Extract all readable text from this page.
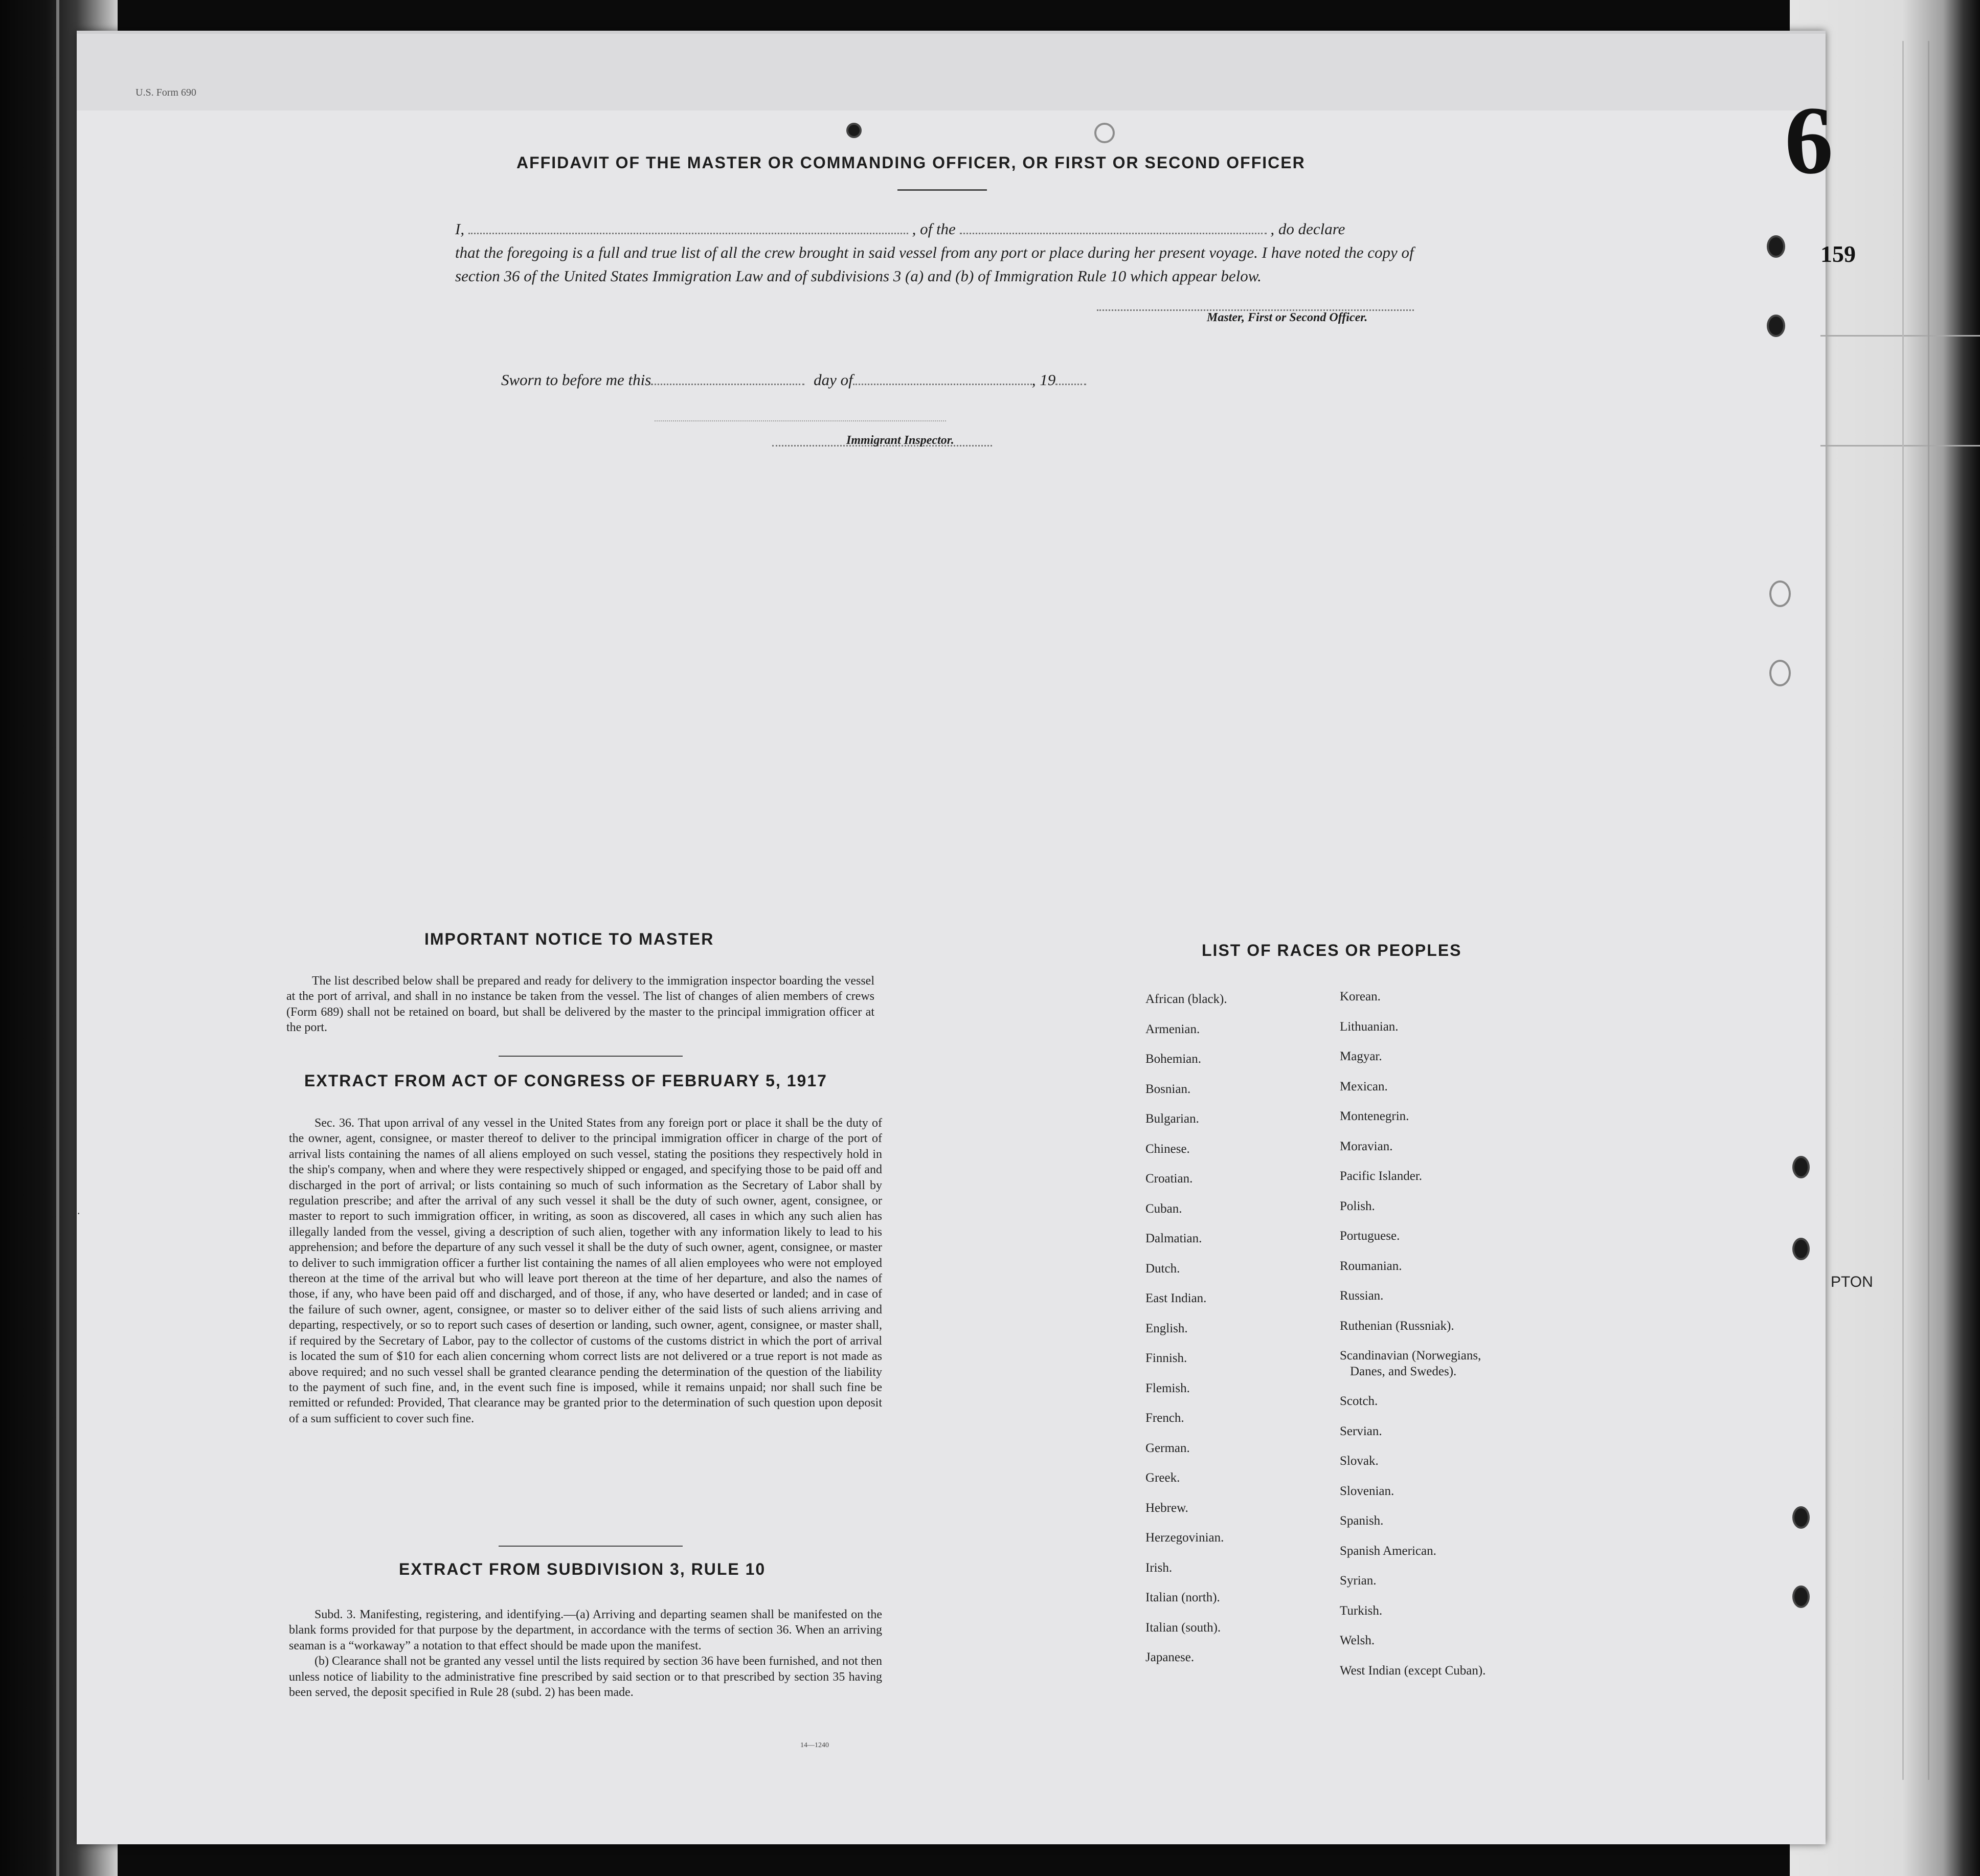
U.S. Form 690	6
159
PTON
AFFIDAVIT OF THE MASTER OR COMMANDING OFFICER, OR FIRST OR SECOND OFFICER
I,	, of the	, do declare
that the foregoing is a full and true list of all the crew brought in said vessel from any port or place during her present voyage. I have noted the copy of section 36 of the United States Immigration Law and of subdivisions 3 (a) and (b) of Immigration Rule 10 which appear below.
Master, First or Second Officer.
Sworn to before me this	day of	, 19
Immigrant Inspector.
IMPORTANT NOTICE TO MASTER

The list described below shall be prepared and ready for delivery to the immigration inspector boarding the vessel at the port of arrival, and shall in no instance be taken from the vessel. The list of changes of alien members of crews (Form 689) shall not be retained on board, but shall be delivered by the master to the principal immigration officer at the port.

EXTRACT FROM ACT OF CONGRESS OF FEBRUARY 5, 1917

Sec. 36. That upon arrival of any vessel in the United States from any foreign port or place it shall be the duty of the owner, agent, consignee, or master thereof to deliver to the principal immigration officer in charge of the port of arrival lists containing the names of all aliens employed on such vessel, stating the positions they respectively hold in the ship's company, when and where they were respectively shipped or engaged, and specifying those to be paid off and discharged in the port of arrival; or lists containing so much of such information as the Secretary of Labor shall by regulation prescribe; and after the arrival of any such vessel it shall be the duty of such owner, agent, consignee, or master to report to such immigration officer, in writing, as soon as discovered, all cases in which any such alien has illegally landed from the vessel, giving a description of such alien, together with any information likely to lead to his apprehension; and before the departure of any such vessel it shall be the duty of such owner, agent, consignee, or master to deliver to such immigration officer a further list containing the names of all alien employees who were not employed thereon at the time of the arrival but who will leave port thereon at the time of her departure, and also the names of those, if any, who have been paid off and discharged, and of those, if any, who have deserted or landed; and in case of the failure of such owner, agent, consignee, or master so to deliver either of the said lists of such aliens arriving and departing, respectively, or so to report such cases of desertion or landing, such owner, agent, consignee, or master shall, if required by the Secretary of Labor, pay to the collector of customs of the customs district in which the port of arrival is located the sum of $10 for each alien concerning whom correct lists are not delivered or a true report is not made as above required; and no such vessel shall be granted clearance pending the determination of the question of the liability to the payment of such fine, and, in the event such fine is imposed, while it remains unpaid; nor shall such fine be remitted or refunded: Provided, That clearance may be granted prior to the determination of such question upon deposit of a sum sufficient to cover such fine.

EXTRACT FROM SUBDIVISION 3, RULE 10

Subd. 3. Manifesting, registering, and identifying.—(a) Arriving and departing seamen shall be manifested on the blank forms provided for that purpose by the department, in accordance with the terms of section 36. When an arriving seaman is a “workaway” a notation to that effect should be made upon the manifest.

(b) Clearance shall not be granted any vessel until the lists required by section 36 have been furnished, and not then unless notice of liability to the administrative fine prescribed by said section or to that prescribed by section 35 having been served, the deposit specified in Rule 28 (subd. 2) has been made.

14—1240
LIST OF RACES OR PEOPLES
African (black).
Armenian.
Bohemian.
Bosnian.
Bulgarian.
Chinese.
Croatian.
Cuban.
Dalmatian.
Dutch.
East Indian.
English.
Finnish.
Flemish.
French.
German.
Greek.
Hebrew.
Herzegovinian.
Irish.
Italian (north).
Italian (south).
Japanese.
Korean.
Lithuanian.
Magyar.
Mexican.
Montenegrin.
Moravian.
Pacific Islander.
Polish.
Portuguese.
Roumanian.
Russian.
Ruthenian (Russniak).
Scandinavian (Norwegians,
Danes, and Swedes).
Scotch.
Servian.
Slovak.
Slovenian.
Spanish.
Spanish American.
Syrian.
Turkish.
Welsh.
West Indian (except Cuban).
·
